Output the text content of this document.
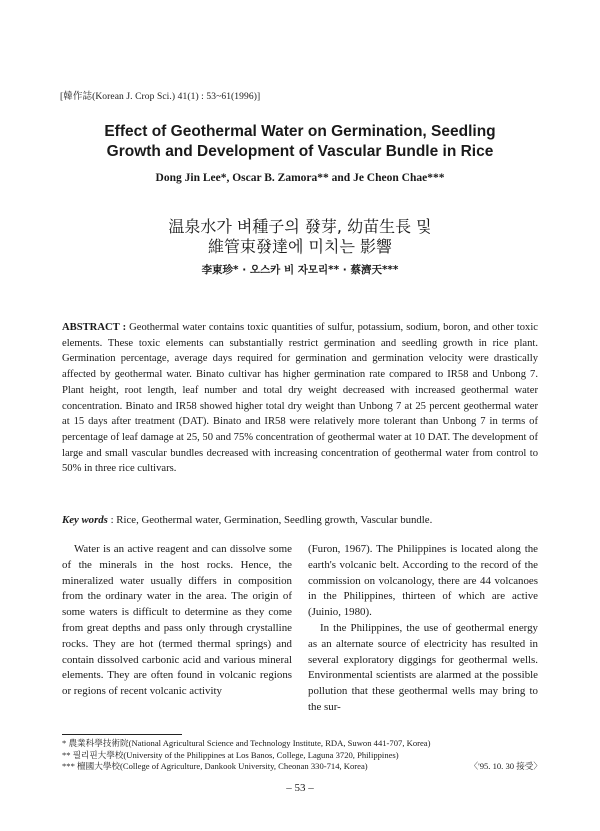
[韓作誌(Korean J. Crop Sci.) 41(1) : 53~61(1996)]
Effect of Geothermal Water on Germination, Seedling
Growth and Development of Vascular Bundle in Rice
Dong Jin Lee*, Oscar B. Zamora** and Je Cheon Chae***
温泉水가 벼種子의 發芽, 幼苗生長 및
維管束發達에 미치는 影響
李東珍* · 오스카 비 자모리** · 蔡濟天***
ABSTRACT : Geothermal water contains toxic quantities of sulfur, potassium, sodium, boron, and other toxic elements. These toxic elements can substantially restrict germination and seedling growth in rice plant. Germination percentage, average days required for germination and germination velocity were drastically affected by geothermal water. Binato cultivar has higher germination rate compared to IR58 and Unbong 7. Plant height, root length, leaf number and total dry weight decreased with increased geothermal water concentration. Binato and IR58 showed higher total dry weight than Unbong 7 at 25 percent geothermal water at 15 days after treatment (DAT). Binato and IR58 were relatively more tolerant than Unbong 7 in terms of percentage of leaf damage at 25, 50 and 75% concentration of geothermal water at 10 DAT. The development of large and small vascular bundles decreased with increasing concentration of geothermal water from control to 50% in three rice cultivars.
Key words : Rice, Geothermal water, Germination, Seedling growth, Vascular bundle.

Water is an active reagent and can dissolve some of the minerals in the host rocks. Hence, the mineralized water usually differs in composition from the ordinary water in the area. The origin of some waters is difficult to determine as they come from great depths and pass only through crystalline rocks. They are hot (termed thermal springs) and contain dissolved carbonic acid and various mineral elements. They are often found in volcanic regions or regions of recent volcanic activity

(Furon, 1967). The Philippines is located along the earth's volcanic belt. According to the record of the commission on volcanology, there are 44 volcanoes in the Philippines, thirteen of which are active (Juinio, 1980).

In the Philippines, the use of geothermal energy as an alternate source of electricity has resulted in several exploratory diggings for geothermal wells. Environmental scientists are alarmed at the possible pollution that these geothermal wells may bring to the sur-

* 農業科學技術院(National Agricultural Science and Technology Institute, RDA, Suwon 441-707, Korea)
** 필리핀大學校(University of the Philippines at Los Banos, College, Laguna 3720, Philippines)
*** 檀國大學校(College of Agriculture, Dankook University, Cheonan 330-714, Korea)	〈'95. 10. 30 接受〉
– 53 –
